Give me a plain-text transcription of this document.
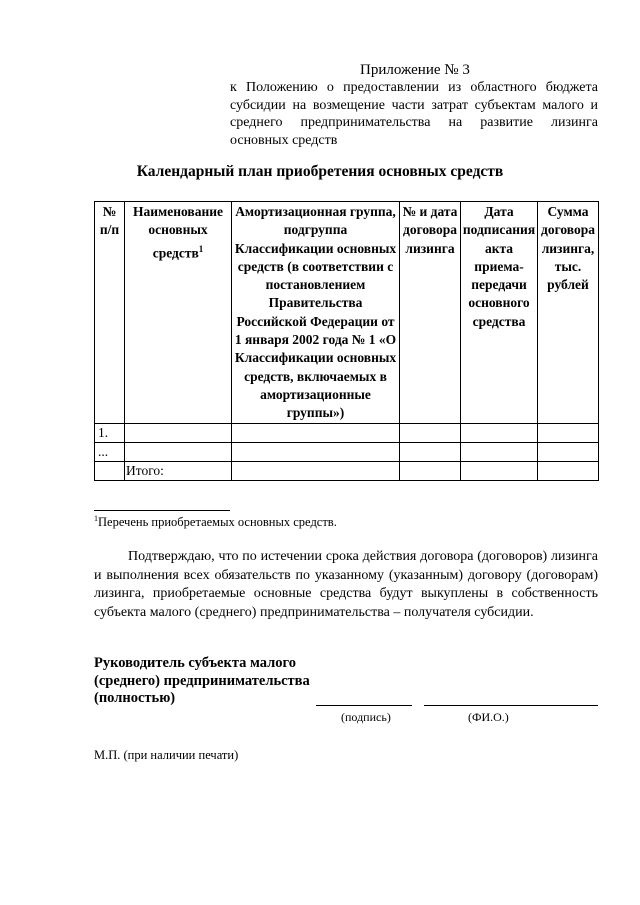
Приложение № 3
к Положению о предоставлении из областного бюджета субсидии на возмещение части затрат субъектам малого и среднего предпринимательства на развитие лизинга основных средств
Календарный план приобретения основных средств
№ п/п	Наименование основных средств$^1$	Амортизационная группа, подгруппа Классификации основных средств (в соответствии с постановлением Правительства Российской Федерации от 1 января 2002 года № 1 «О Классификации основных средств, включаемых в амортизационные группы»)	№ и дата договора лизинга	Дата подписания акта приема-передачи основного средства	Сумма договора лизинга, тыс. рублей
1.					
...					
	Итого:				
$^1$Перечень приобретаемых основных средств.
Подтверждаю, что по истечении срока действия договора (договоров) лизинга и выполнения всех обязательств по указанному (указанным) договору (договорам) лизинга, приобретаемые основные средства будут выкуплены в собственность субъекта малого (среднего) предпринимательства – получателя субсидии.
Руководитель субъекта малого
(среднего) предпринимательства
(полностью)
(подпись)	(ФИ.О.)
М.П. (при наличии печати)
